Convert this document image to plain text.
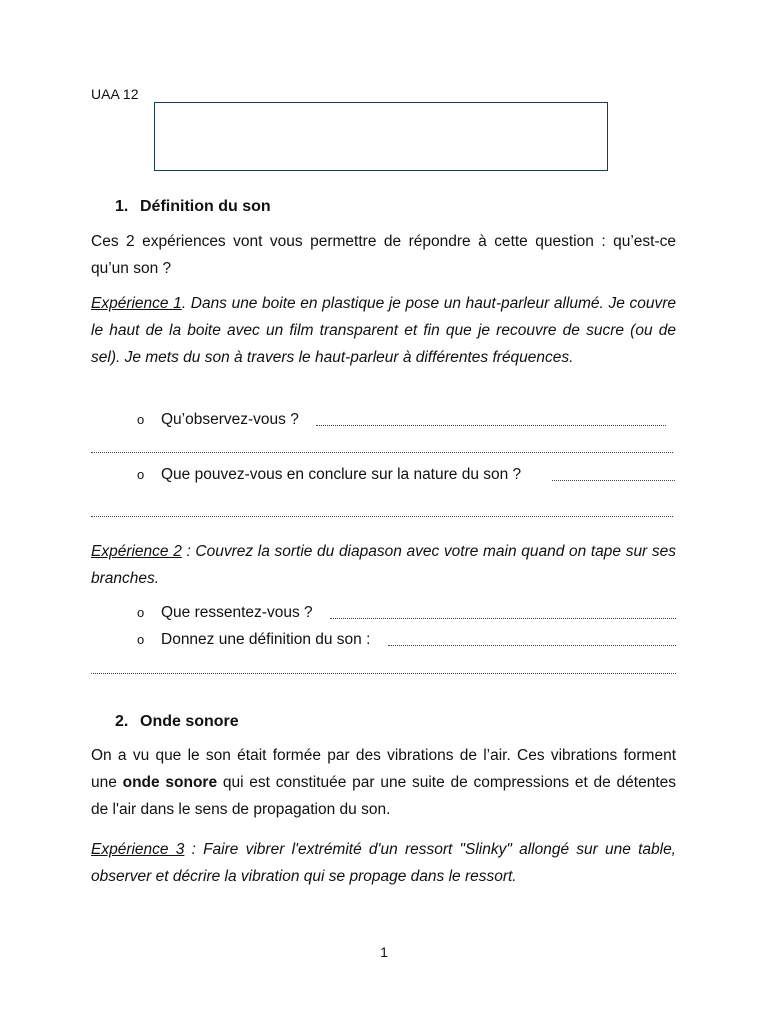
UAA 12
1. Définition du son
Ces 2 expériences vont vous permettre de répondre à cette question : qu’est-ce qu’un son ?
Expérience 1. Dans une boite en plastique je pose un haut-parleur allumé. Je couvre le haut de la boite avec un film transparent et fin que je recouvre de sucre (ou de sel). Je mets du son à travers le haut-parleur à différentes fréquences.
o Qu’observez-vous ?
o Que pouvez-vous en conclure sur la nature du son ?
Expérience 2 : Couvrez la sortie du diapason avec votre main quand on tape sur ses branches.
o Que ressentez-vous ?
o Donnez une définition du son :
2. Onde sonore
On a vu que le son était formée par des vibrations de l’air. Ces vibrations forment une onde sonore qui est constituée par une suite de compressions et de détentes de l'air dans le sens de propagation du son.
Expérience 3 : Faire vibrer l'extrémité d'un ressort "Slinky" allongé sur une table, observer et décrire la vibration qui se propage dans le ressort.
1
